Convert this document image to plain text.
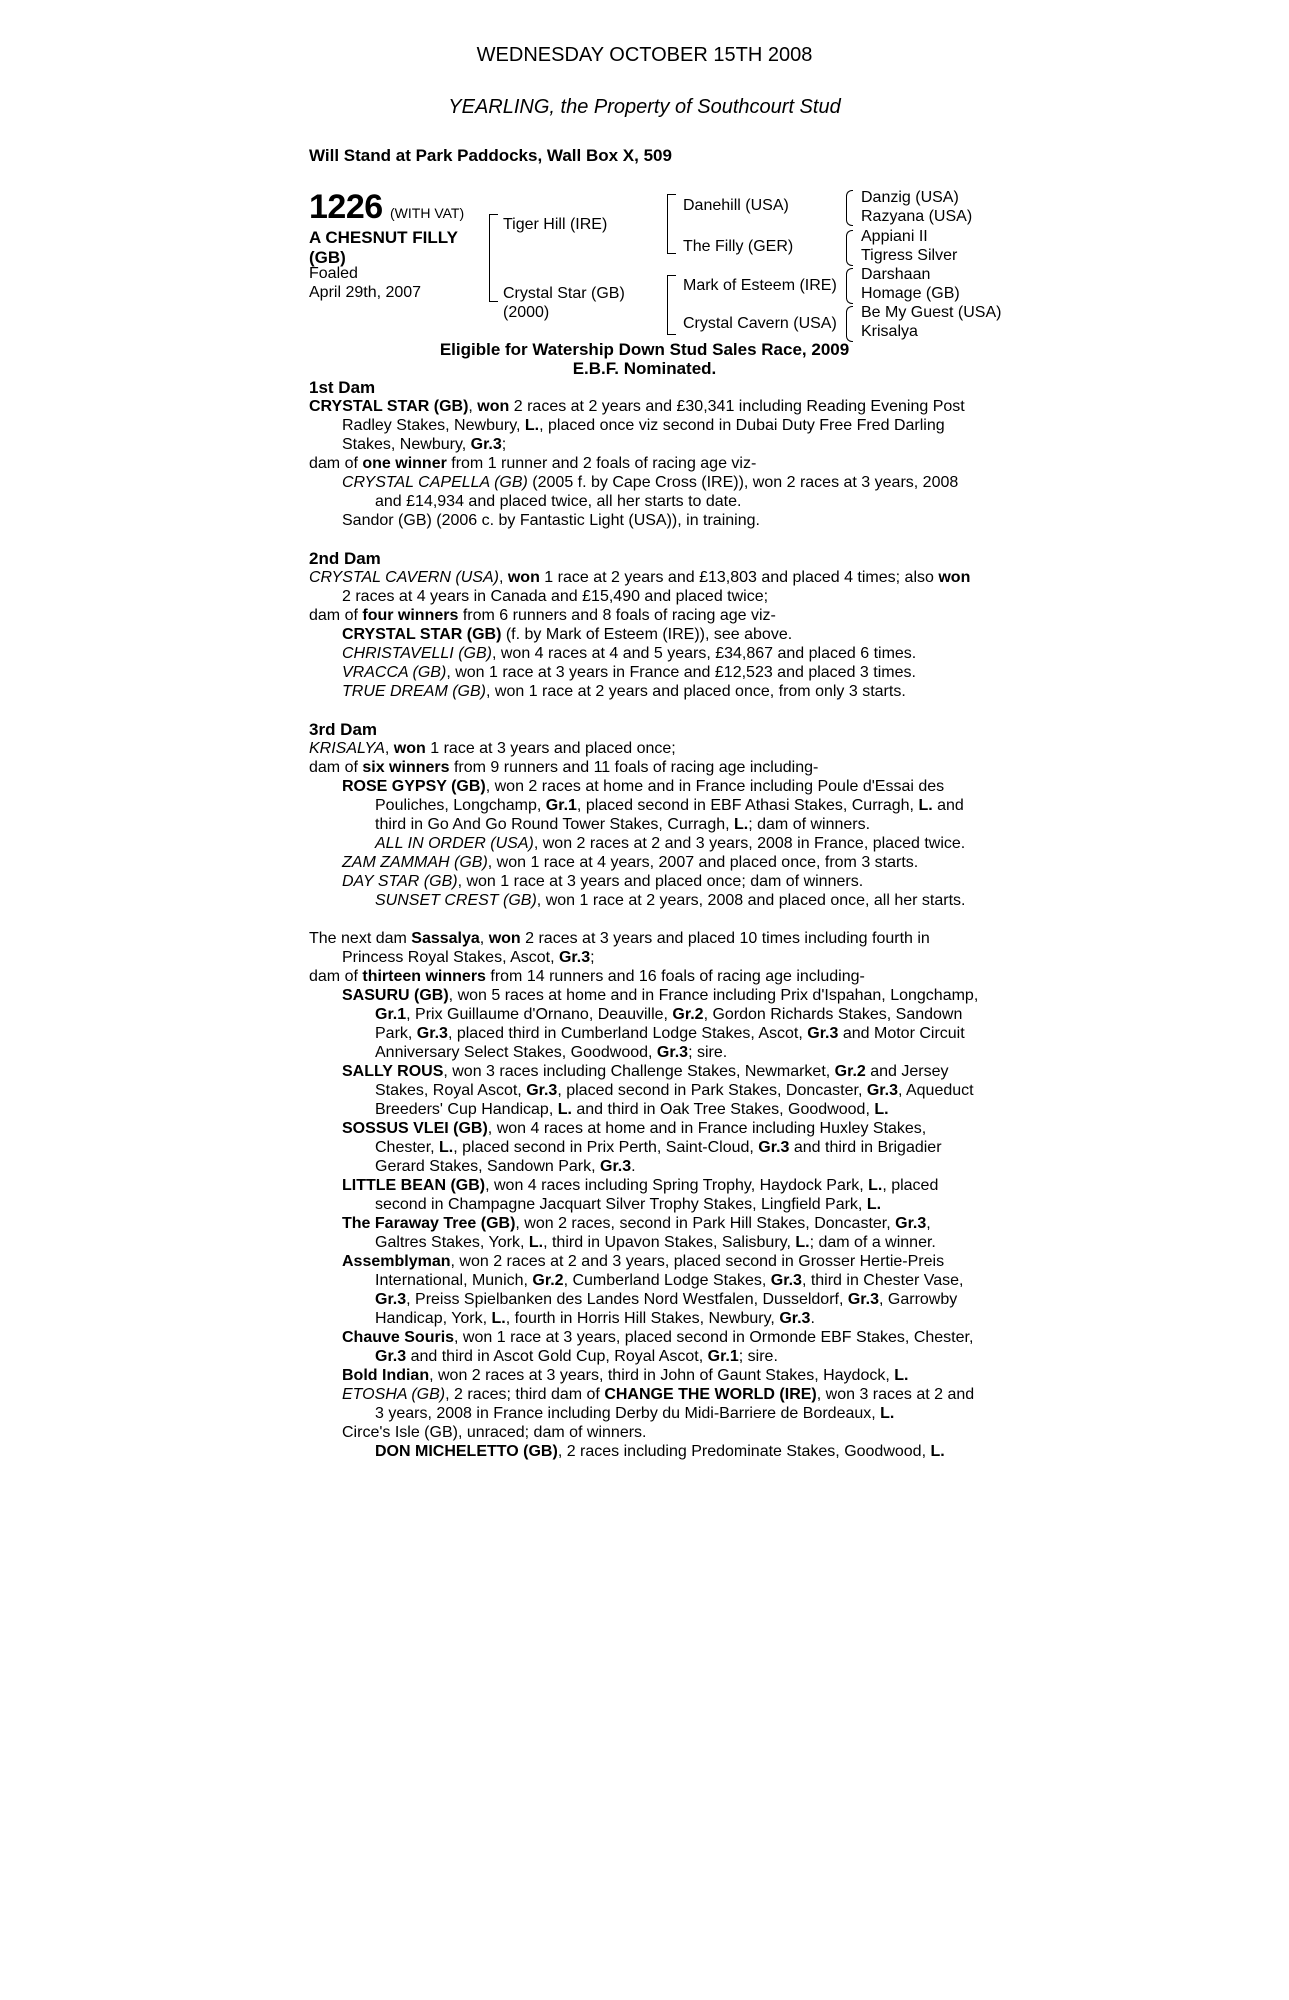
WEDNESDAY OCTOBER 15TH 2008
YEARLING, the Property of Southcourt Stud
Will Stand at Park Paddocks, Wall Box X, 509
1226 (WITH VAT)
A CHESNUT FILLY (GB)
Foaled
April 29th, 2007
Tiger Hill (IRE)
Crystal Star (GB)
(2000)
Danehill (USA)
The Filly (GER)
Mark of Esteem (IRE)
Crystal Cavern (USA)
Danzig (USA)
Razyana (USA)
Appiani II
Tigress Silver
Darshaan
Homage (GB)
Be My Guest (USA)
Krisalya
Eligible for Watership Down Stud Sales Race, 2009
E.B.F. Nominated.

1st Dam

CRYSTAL STAR (GB), won 2 races at 2 years and £30,341 including Reading Evening Post Radley Stakes, Newbury, L., placed once viz second in Dubai Duty Free Fred Darling Stakes, Newbury, Gr.3;

dam of one winner from 1 runner and 2 foals of racing age viz-

CRYSTAL CAPELLA (GB) (2005 f. by Cape Cross (IRE)), won 2 races at 3 years, 2008 and £14,934 and placed twice, all her starts to date.

Sandor (GB) (2006 c. by Fantastic Light (USA)), in training.

2nd Dam

CRYSTAL CAVERN (USA), won 1 race at 2 years and £13,803 and placed 4 times; also won 2 races at 4 years in Canada and £15,490 and placed twice;

dam of four winners from 6 runners and 8 foals of racing age viz-

CRYSTAL STAR (GB) (f. by Mark of Esteem (IRE)), see above.

CHRISTAVELLI (GB), won 4 races at 4 and 5 years, £34,867 and placed 6 times.

VRACCA (GB), won 1 race at 3 years in France and £12,523 and placed 3 times.

TRUE DREAM (GB), won 1 race at 2 years and placed once, from only 3 starts.

3rd Dam

KRISALYA, won 1 race at 3 years and placed once;

dam of six winners from 9 runners and 11 foals of racing age including-

ROSE GYPSY (GB), won 2 races at home and in France including Poule d'Essai des Pouliches, Longchamp, Gr.1, placed second in EBF Athasi Stakes, Curragh, L. and third in Go And Go Round Tower Stakes, Curragh, L.; dam of winners.

ALL IN ORDER (USA), won 2 races at 2 and 3 years, 2008 in France, placed twice.

ZAM ZAMMAH (GB), won 1 race at 4 years, 2007 and placed once, from 3 starts.

DAY STAR (GB), won 1 race at 3 years and placed once; dam of winners.

SUNSET CREST (GB), won 1 race at 2 years, 2008 and placed once, all her starts.

The next dam Sassalya, won 2 races at 3 years and placed 10 times including fourth in Princess Royal Stakes, Ascot, Gr.3;

dam of thirteen winners from 14 runners and 16 foals of racing age including-

SASURU (GB), won 5 races at home and in France including Prix d'Ispahan, Longchamp, Gr.1, Prix Guillaume d'Ornano, Deauville, Gr.2, Gordon Richards Stakes, Sandown Park, Gr.3, placed third in Cumberland Lodge Stakes, Ascot, Gr.3 and Motor Circuit Anniversary Select Stakes, Goodwood, Gr.3; sire.

SALLY ROUS, won 3 races including Challenge Stakes, Newmarket, Gr.2 and Jersey Stakes, Royal Ascot, Gr.3, placed second in Park Stakes, Doncaster, Gr.3, Aqueduct Breeders' Cup Handicap, L. and third in Oak Tree Stakes, Goodwood, L.

SOSSUS VLEI (GB), won 4 races at home and in France including Huxley Stakes, Chester, L., placed second in Prix Perth, Saint-Cloud, Gr.3 and third in Brigadier Gerard Stakes, Sandown Park, Gr.3.

LITTLE BEAN (GB), won 4 races including Spring Trophy, Haydock Park, L., placed second in Champagne Jacquart Silver Trophy Stakes, Lingfield Park, L.

The Faraway Tree (GB), won 2 races, second in Park Hill Stakes, Doncaster, Gr.3, Galtres Stakes, York, L., third in Upavon Stakes, Salisbury, L.; dam of a winner.

Assemblyman, won 2 races at 2 and 3 years, placed second in Grosser Hertie-Preis International, Munich, Gr.2, Cumberland Lodge Stakes, Gr.3, third in Chester Vase, Gr.3, Preiss Spielbanken des Landes Nord Westfalen, Dusseldorf, Gr.3, Garrowby Handicap, York, L., fourth in Horris Hill Stakes, Newbury, Gr.3.

Chauve Souris, won 1 race at 3 years, placed second in Ormonde EBF Stakes, Chester, Gr.3 and third in Ascot Gold Cup, Royal Ascot, Gr.1; sire.

Bold Indian, won 2 races at 3 years, third in John of Gaunt Stakes, Haydock, L.

ETOSHA (GB), 2 races; third dam of CHANGE THE WORLD (IRE), won 3 races at 2 and 3 years, 2008 in France including Derby du Midi-Barriere de Bordeaux, L.

Circe's Isle (GB), unraced; dam of winners.

DON MICHELETTO (GB), 2 races including Predominate Stakes, Goodwood, L.
